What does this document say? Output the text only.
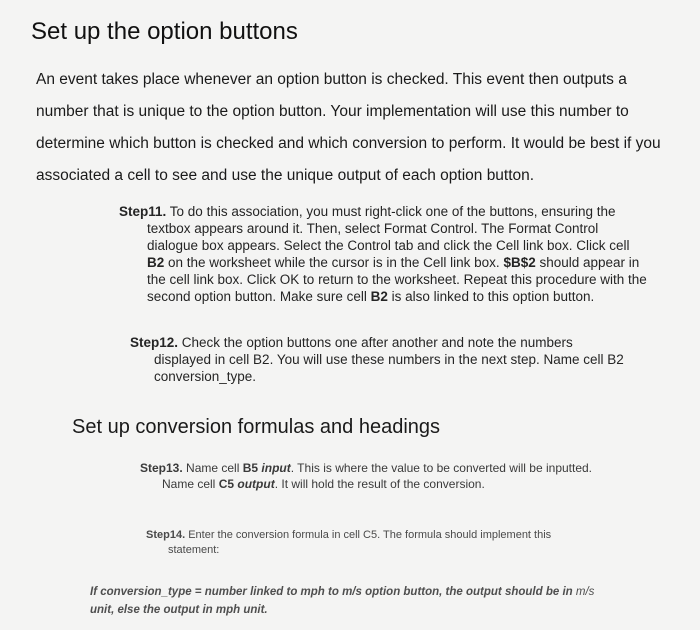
Set up the option buttons

An event takes place whenever an option button is checked. This event then outputs a number that is unique to the option button. Your implementation will use this number to determine which button is checked and which conversion to perform. It would be best if you associated a cell to see and use the unique output of each option button.

Step11. To do this association, you must right-click one of the buttons, ensuring the
textbox appears around it. Then, select Format Control. The Format Control dialogue box appears. Select the Control tab and click the Cell link box. Click cell B2 on the worksheet while the cursor is in the Cell link box. $B$2 should appear in the cell link box. Click OK to return to the worksheet. Repeat this procedure with the second option button. Make sure cell B2 is also linked to this option button.

Step12. Check the option buttons one after another and note the numbers
displayed in cell B2. You will use these numbers in the next step. Name cell B2 conversion_type.

Set up conversion formulas and headings

Step13. Name cell B5 input. This is where the value to be converted will be inputted.
Name cell C5 output. It will hold the result of the conversion.

Step14. Enter the conversion formula in cell C5. The formula should implement this
statement:

If conversion_type = number linked to mph to m/s option button, the output should be in m/s
unit, else the output in mph unit.
